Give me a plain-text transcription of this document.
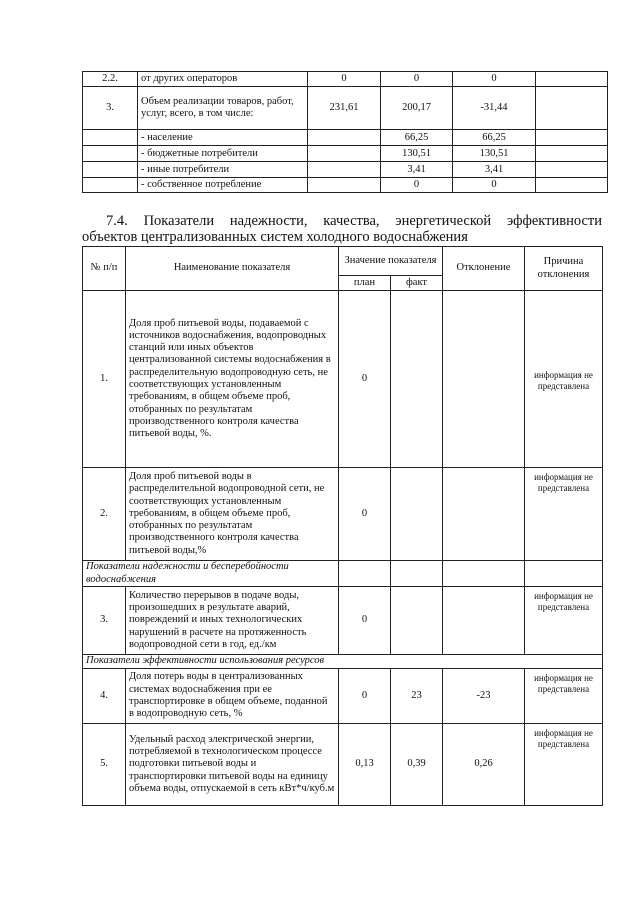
2.2.	от других операторов	0	0	0	
3.	Объем реализации товаров, работ, услуг, всего, в том числе:	231,61	200,17	-31,44	
	- население		66,25	66,25	
	- бюджетные потребители		130,51	130,51	
	- иные потребители		3,41	3,41	
	- собственное потребление		0	0	
7.4. Показатели надежности, качества, энергетической эффективности
объектов централизованных систем холодного водоснабжения
№ п/п	Наименование показателя	Значение показателя		Отклонение	Причина отклонения
		план	факт		
1.	Доля проб питьевой воды, подаваемой с источников водоснабжения, водопроводных станций или иных объектов централизованной системы водоснабжения в распределительную водопроводную сеть, не соответствующих установленным требованиям, в общем объеме проб, отобранных по результатам производственного контроля качества питьевой воды, %.	0			информация не представлена
2.	Доля проб питьевой воды в распределительной водопроводной сети, не соответствующих установленным требованиям, в общем объеме проб, отобранных по результатам производственного контроля качества питьевой воды,%	0			информация не представлена
Показатели надежности и бесперебойности водоснабжения					
3.	Количество перерывов в подаче воды, произошедших в результате аварий, повреждений и иных технологических нарушений в расчете на протяженность водопроводной сети в год, ед./км	0			информация не представлена
Показатели эффективности использования ресурсов					
4.	Доля потерь воды в централизованных системах водоснабжения при ее транспортировке в общем объеме, поданной в водопроводную сеть, %	0	23	-23	информация не представлена
5.	Удельный расход электрической энергии, потребляемой в технологическом процессе подготовки питьевой воды и транспортировки питьевой воды на единицу объема воды, отпускаемой в сеть кВт*ч/куб.м	0,13	0,39	0,26	информация не представлена
